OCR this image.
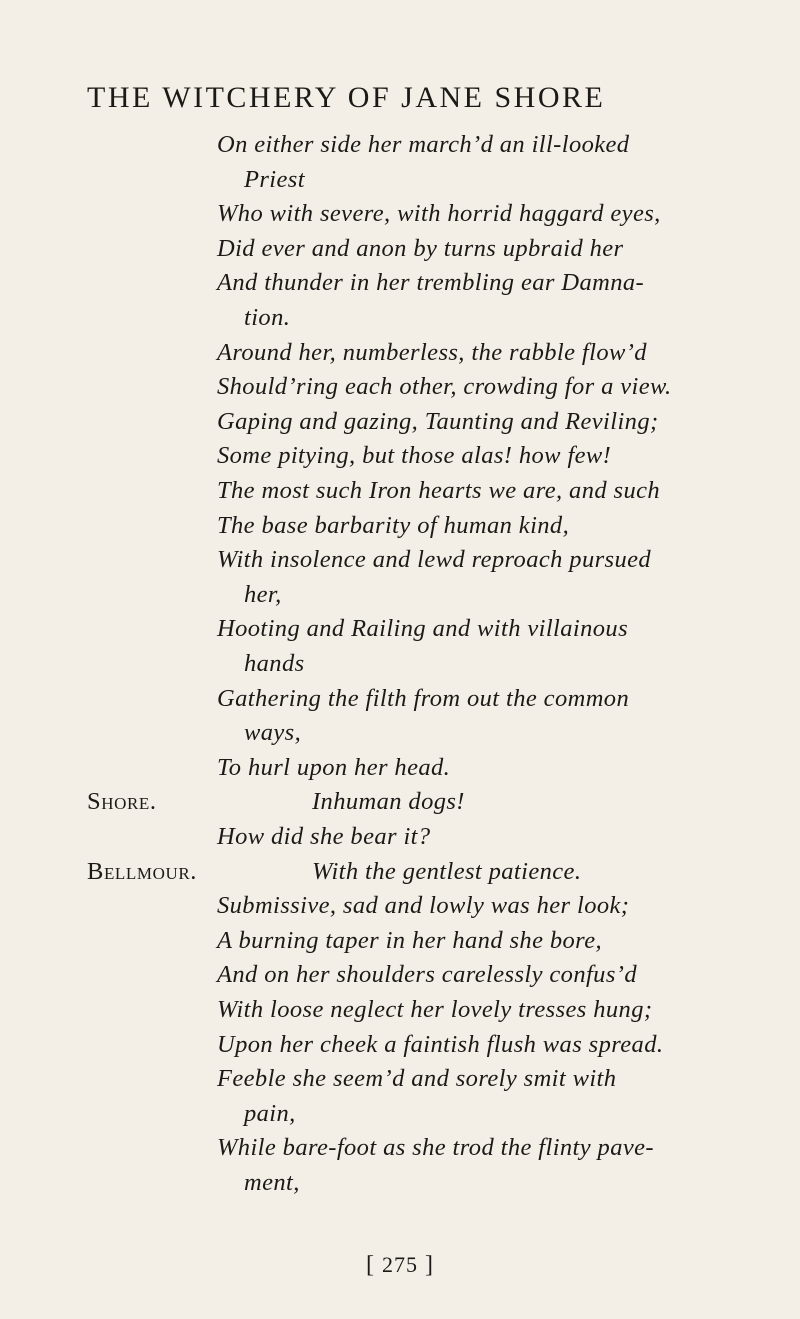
THE WITCHERY OF JANE SHORE
On either side her march’d an ill-looked
Priest
Who with severe, with horrid haggard eyes,
Did ever and anon by turns upbraid her
And thunder in her trembling ear Damna-
tion.
Around her, numberless, the rabble flow’d
Should’ring each other, crowding for a view.
Gaping and gazing, Taunting and Reviling;
Some pitying, but those alas! how few!
The most such Iron hearts we are, and such
The base barbarity of human kind,
With insolence and lewd reproach pursued
her,
Hooting and Railing and with villainous
hands
Gathering the filth from out the common
ways,
To hurl upon her head.
Shore.	Inhuman dogs!
How did she bear it?
Bellmour.	With the gentlest patience.
Submissive, sad and lowly was her look;
A burning taper in her hand she bore,
And on her shoulders carelessly confus’d
With loose neglect her lovely tresses hung;
Upon her cheek a faintish flush was spread.
Feeble she seem’d and sorely smit with
pain,
While bare-foot as she trod the flinty pave-
ment,
[ 275 ]
